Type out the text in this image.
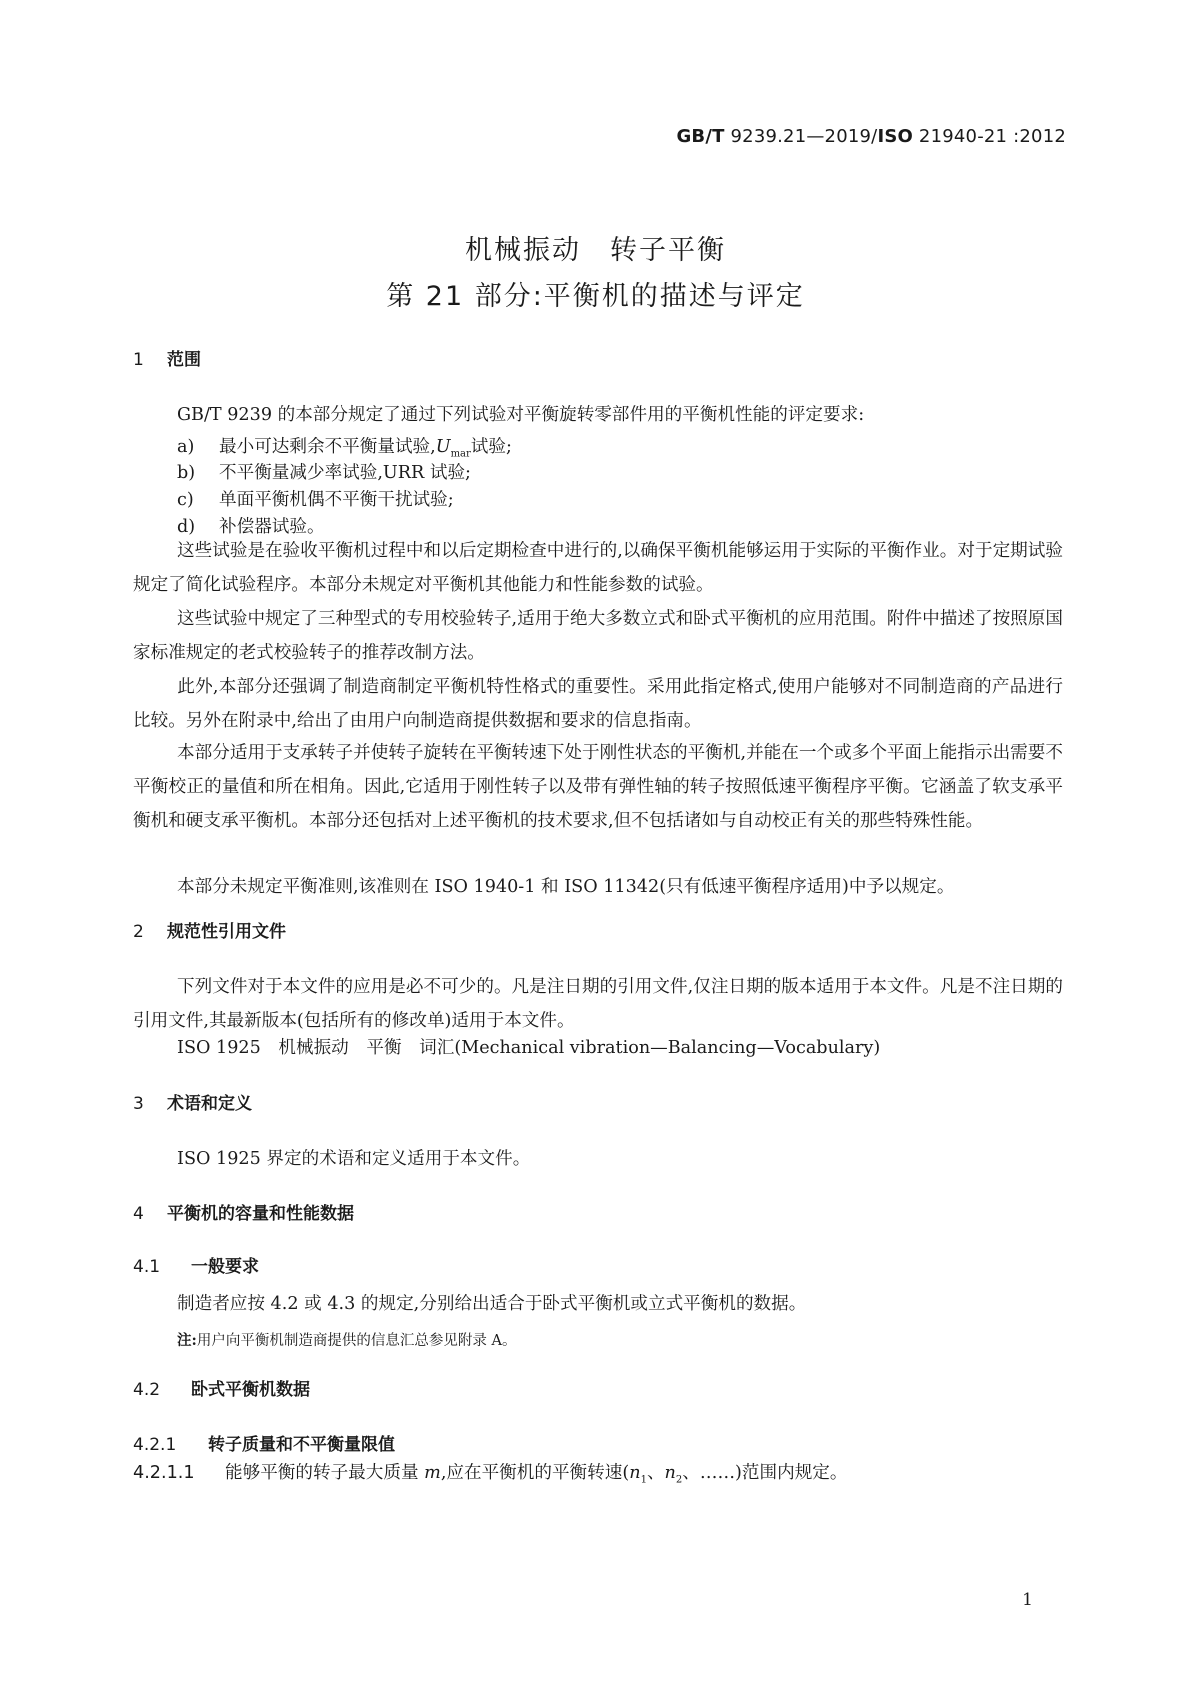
GB/T 9239.21—2019/ISO 21940-21 :2012
机械振动　转子平衡
第 21 部分:平衡机的描述与评定
1 范围
GB/T 9239 的本部分规定了通过下列试验对平衡旋转零部件用的平衡机性能的评定要求:
a) 最小可达剩余不平衡量试验$,U_{mar}$试验;
b) 不平衡量减少率试验,URR 试验;
c) 单面平衡机偶不平衡干扰试验;
d) 补偿器试验。
这些试验是在验收平衡机过程中和以后定期检查中进行的,以确保平衡机能够运用于实际的平衡作业。对于定期试验规定了简化试验程序。本部分未规定对平衡机其他能力和性能参数的试验。
这些试验中规定了三种型式的专用校验转子,适用于绝大多数立式和卧式平衡机的应用范围。附件中描述了按照原国家标准规定的老式校验转子的推荐改制方法。
此外,本部分还强调了制造商制定平衡机特性格式的重要性。采用此指定格式,使用户能够对不同制造商的产品进行比较。另外在附录中,给出了由用户向制造商提供数据和要求的信息指南。
本部分适用于支承转子并使转子旋转在平衡转速下处于刚性状态的平衡机,并能在一个或多个平面上能指示出需要不平衡校正的量值和所在相角。因此,它适用于刚性转子以及带有弹性轴的转子按照低速平衡程序平衡。它涵盖了软支承平衡机和硬支承平衡机。本部分还包括对上述平衡机的技术要求,但不包括诸如与自动校正有关的那些特殊性能。
本部分未规定平衡准则,该准则在 ISO 1940-1 和 ISO 11342(只有低速平衡程序适用)中予以规定。
2 规范性引用文件
下列文件对于本文件的应用是必不可少的。凡是注日期的引用文件,仅注日期的版本适用于本文件。凡是不注日期的引用文件,其最新版本(包括所有的修改单)适用于本文件。
ISO 1925　机械振动　平衡　词汇(Mechanical vibration—Balancing—Vocabulary)
3 术语和定义
ISO 1925 界定的术语和定义适用于本文件。
4 平衡机的容量和性能数据
4.1 一般要求
制造者应按 4.2 或 4.3 的规定,分别给出适合于卧式平衡机或立式平衡机的数据。
注:用户向平衡机制造商提供的信息汇总参见附录 A。
4.2 卧式平衡机数据
4.2.1 转子质量和不平衡量限值
4.2.1.1 能够平衡的转子最大质量 m,应在平衡机的平衡转速($n_1$、$n_2$、……)范围内规定。
1
